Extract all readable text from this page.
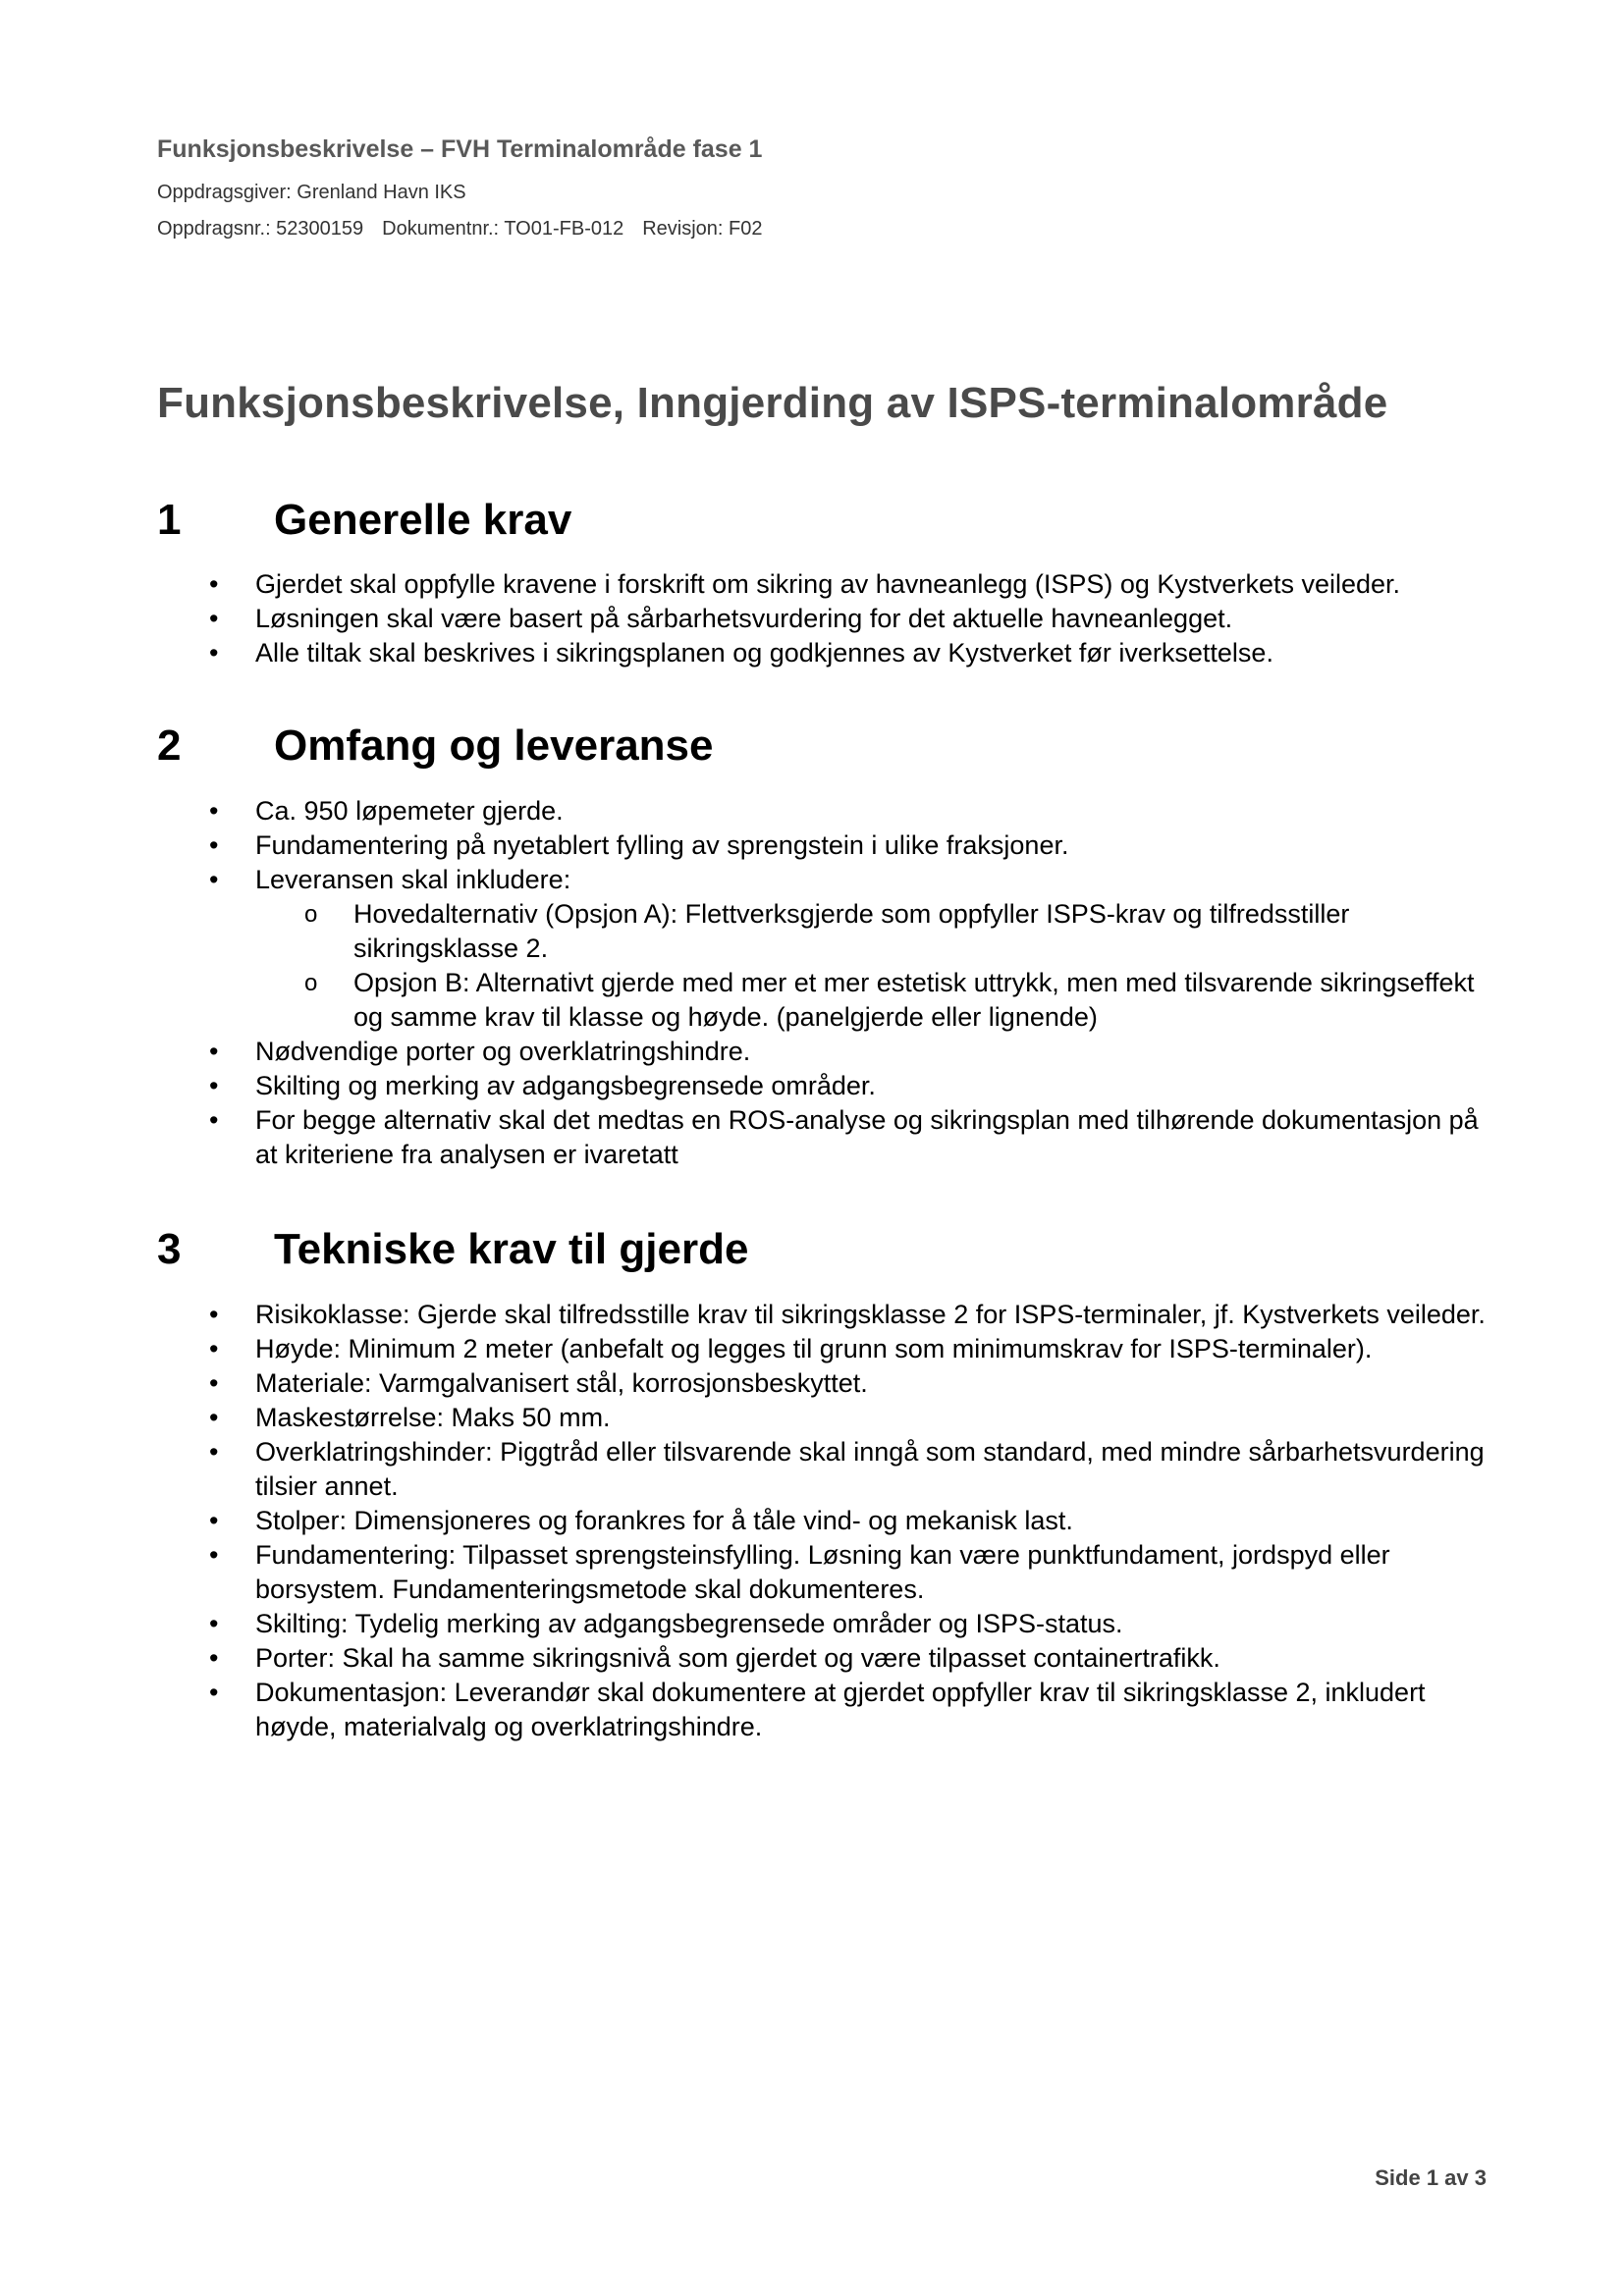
Funksjonsbeskrivelse – FVH Terminalområde fase 1
Oppdragsgiver: Grenland Havn IKS
Oppdragsnr.: 52300159 Dokumentnr.: TO01-FB-012 Revisjon: F02
Funksjonsbeskrivelse, Inngjerding av ISPS-terminalområde
1 Generelle krav
• Gjerdet skal oppfylle kravene i forskrift om sikring av havneanlegg (ISPS) og Kystverkets veileder.
• Løsningen skal være basert på sårbarhetsvurdering for det aktuelle havneanlegget.
• Alle tiltak skal beskrives i sikringsplanen og godkjennes av Kystverket før iverksettelse.
2 Omfang og leveranse
• Ca. 950 løpemeter gjerde.
• Fundamentering på nyetablert fylling av sprengstein i ulike fraksjoner.
• Leveransen skal inkludere:
o Hovedalternativ (Opsjon A): Flettverksgjerde som oppfyller ISPS-krav og tilfredsstiller sikringsklasse 2.
o Opsjon B: Alternativt gjerde med mer et mer estetisk uttrykk, men med tilsvarende sikringseffekt og samme krav til klasse og høyde. (panelgjerde eller lignende)
• Nødvendige porter og overklatringshindre.
• Skilting og merking av adgangsbegrensede områder.
• For begge alternativ skal det medtas en ROS-analyse og sikringsplan med tilhørende dokumentasjon på at kriteriene fra analysen er ivaretatt
3 Tekniske krav til gjerde
• Risikoklasse: Gjerde skal tilfredsstille krav til sikringsklasse 2 for ISPS-terminaler, jf. Kystverkets veileder.
• Høyde: Minimum 2 meter (anbefalt og legges til grunn som minimumskrav for ISPS-terminaler).
• Materiale: Varmgalvanisert stål, korrosjonsbeskyttet.
• Maskestørrelse: Maks 50 mm.
• Overklatringshinder: Piggtråd eller tilsvarende skal inngå som standard, med mindre sårbarhetsvurdering tilsier annet.
• Stolper: Dimensjoneres og forankres for å tåle vind- og mekanisk last.
• Fundamentering: Tilpasset sprengsteinsfylling. Løsning kan være punktfundament, jordspyd eller borsystem. Fundamenteringsmetode skal dokumenteres.
• Skilting: Tydelig merking av adgangsbegrensede områder og ISPS-status.
• Porter: Skal ha samme sikringsnivå som gjerdet og være tilpasset containertrafikk.
• Dokumentasjon: Leverandør skal dokumentere at gjerdet oppfyller krav til sikringsklasse 2, inkludert høyde, materialvalg og overklatringshindre.
Side 1 av 3
